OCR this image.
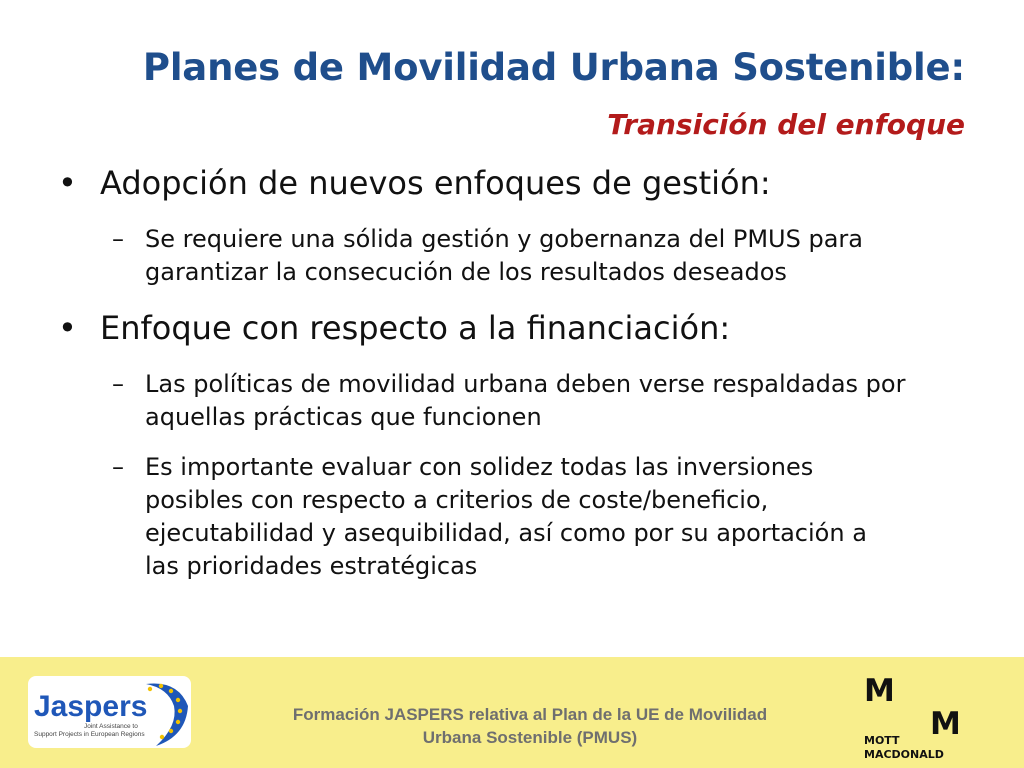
Planes de Movilidad Urbana Sostenible:
Transición del enfoque
• Adopción de nuevos enfoques de gestión:
– Se requiere una sólida gestión y gobernanza del PMUS para
garantizar la consecución de los resultados deseados
• Enfoque con respecto a la financiación:
– Las políticas de movilidad urbana deben verse respaldadas por
aquellas prácticas que funcionen
– Es importante evaluar con solidez todas las inversiones
posibles con respecto a criterios de coste/beneficio,
ejecutabilidad y asequibilidad, así como por su aportación a
las prioridades estratégicas
Jaspers
Joint Assistance to
Support Projects in European Regions
Formación JASPERS relativa al Plan de la UE de Movilidad
Urbana Sostenible (PMUS)
M
M
MOTT
MACDONALD
